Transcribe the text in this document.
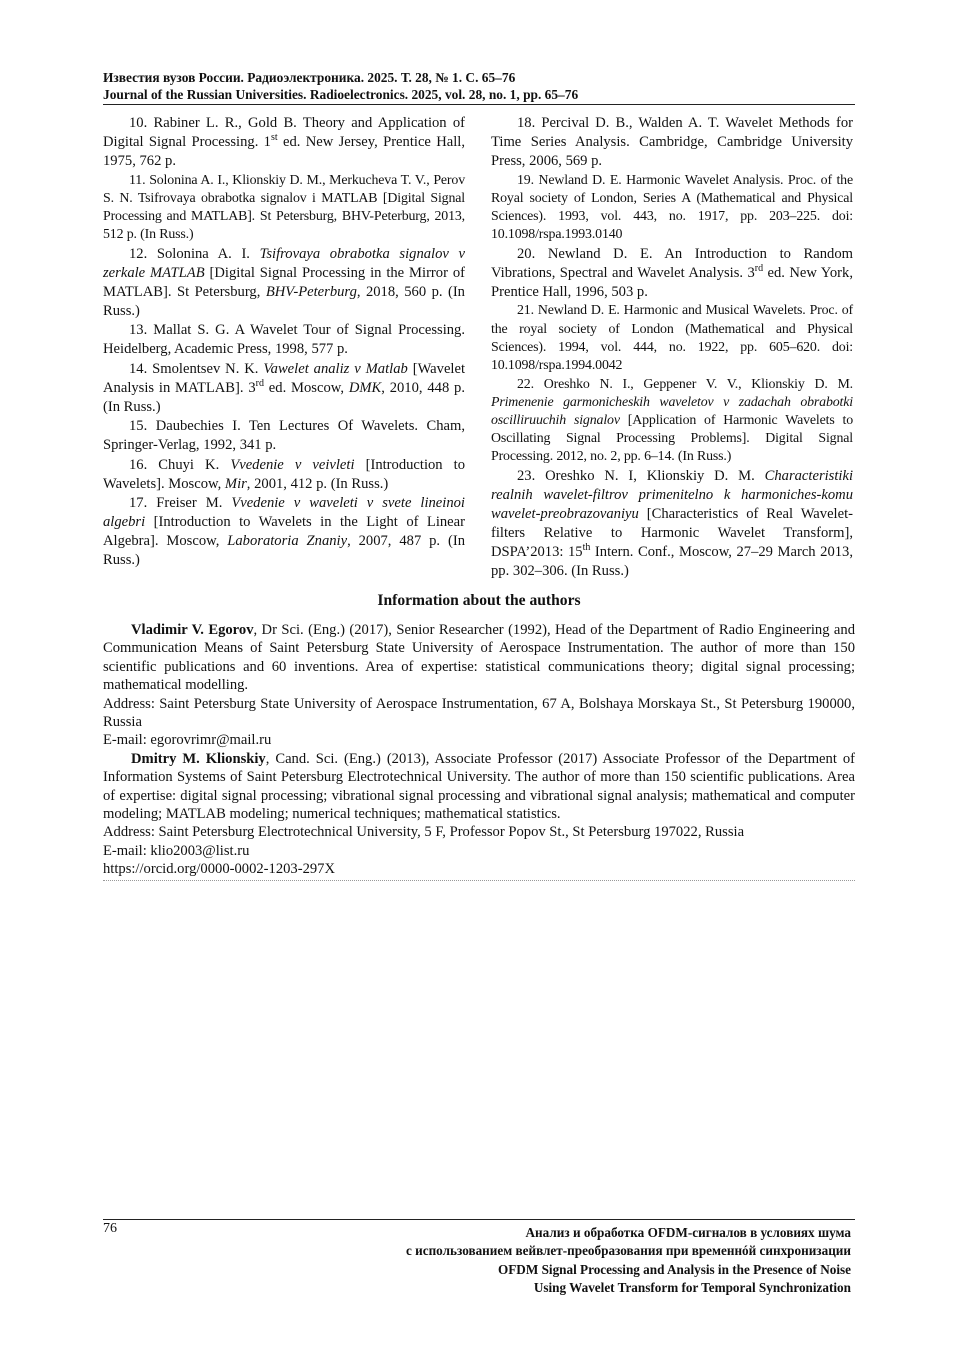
Известия вузов России. Радиоэлектроника. 2025. Т. 28, № 1. С. 65–76
Journal of the Russian Universities. Radioelectronics. 2025, vol. 28, no. 1, pp. 65–76

10. Rabiner L. R., Gold B. Theory and Application of Digital Signal Processing. 1st ed. New Jersey, Prentice Hall, 1975, 762 p.

11. Solonina A. I., Klionskiy D. M., Merkucheva T. V., Perov S. N. Tsifrovaya obrabotka signalov i MATLAB [Digital Signal Processing and MATLAB]. St Petersburg, BHV-Peterburg, 2013, 512 p. (In Russ.)

12. Solonina A. I. Tsifrovaya obrabotka signalov v zerkale MATLAB [Digital Signal Processing in the Mirror of MATLAB]. St Petersburg, BHV-Peterburg, 2018, 560 p. (In Russ.)

13. Mallat S. G. A Wavelet Tour of Signal Processing. Heidelberg, Academic Press, 1998, 577 p.

14. Smolentsev N. K. Vawelet analiz v Matlab [Wavelet Analysis in MATLAB]. 3rd ed. Moscow, DMK, 2010, 448 p. (In Russ.)

15. Daubechies I. Ten Lectures Of Wavelets. Cham, Springer-Verlag, 1992, 341 p.

16. Chuyi K. Vvedenie v veivleti [Introduction to Wavelets]. Moscow, Mir, 2001, 412 p. (In Russ.)

17. Freiser M. Vvedenie v waveleti v svete lineinoi algebri [Introduction to Wavelets in the Light of Linear Algebra]. Moscow, Laboratoria Znaniy, 2007, 487 p. (In Russ.)

18. Percival D. B., Walden A. T. Wavelet Methods for Time Series Analysis. Cambridge, Cambridge University Press, 2006, 569 p.

19. Newland D. E. Harmonic Wavelet Analysis. Proc. of the Royal society of London, Series A (Mathematical and Physical Sciences). 1993, vol. 443, no. 1917, pp. 203–225. doi: 10.1098/rspa.1993.0140

20. Newland D. E. An Introduction to Random Vibrations, Spectral and Wavelet Analysis. 3rd ed. New York, Prentice Hall, 1996, 503 p.

21. Newland D. E. Harmonic and Musical Wavelets. Proc. of the royal society of London (Mathematical and Physical Sciences). 1994, vol. 444, no. 1922, pp. 605–620. doi: 10.1098/rspa.1994.0042

22. Oreshko N. I., Geppener V. V., Klionskiy D. M. Primenenie garmonicheskih waveletov v zadachah obrabotki oscilliruuchih signalov [Application of Harmonic Wavelets to Oscillating Signal Processing Problems]. Digital Signal Processing. 2012, no. 2, pp. 6–14. (In Russ.)

23. Oreshko N. I, Klionskiy D. M. Characteristiki realnih wavelet-filtrov primenitelno k harmoniches-komu wavelet-preobrazovaniyu [Characteristics of Real Wavelet-filters Relative to Harmonic Wavelet Transform], DSPA’2013: 15th Intern. Conf., Moscow, 27–29 March 2013, pp. 302–306. (In Russ.)

Information about the authors

Vladimir V. Egorov, Dr Sci. (Eng.) (2017), Senior Researcher (1992), Head of the Department of Radio Engineering and Communication Means of Saint Petersburg State University of Aerospace Instrumentation. The author of more than 150 scientific publications and 60 inventions. Area of expertise: statistical communications theory; digital signal processing; mathematical modelling.

Address: Saint Petersburg State University of Aerospace Instrumentation, 67 A, Bolshaya Morskaya St., St Petersburg 190000, Russia

E-mail: egorovrimr@mail.ru

Dmitry M. Klionskiy, Cand. Sci. (Eng.) (2013), Associate Professor (2017) Associate Professor of the Department of Information Systems of Saint Petersburg Electrotechnical University. The author of more than 150 scientific publications. Area of expertise: digital signal processing; vibrational signal processing and vibrational signal analysis; mathematical and computer modeling; MATLAB modeling; numerical techniques; mathematical statistics.

Address: Saint Petersburg Electrotechnical University, 5 F, Professor Popov St., St Petersburg 197022, Russia

E-mail: klio2003@list.ru

https://orcid.org/0000-0002-1203-297X

76	Анализ и обработка OFDM-сигналов в условиях шума
с использованием вейвлет-преобразования при временнóй синхронизации
OFDM Signal Processing and Analysis in the Presence of Noise
Using Wavelet Transform for Temporal Synchronization
